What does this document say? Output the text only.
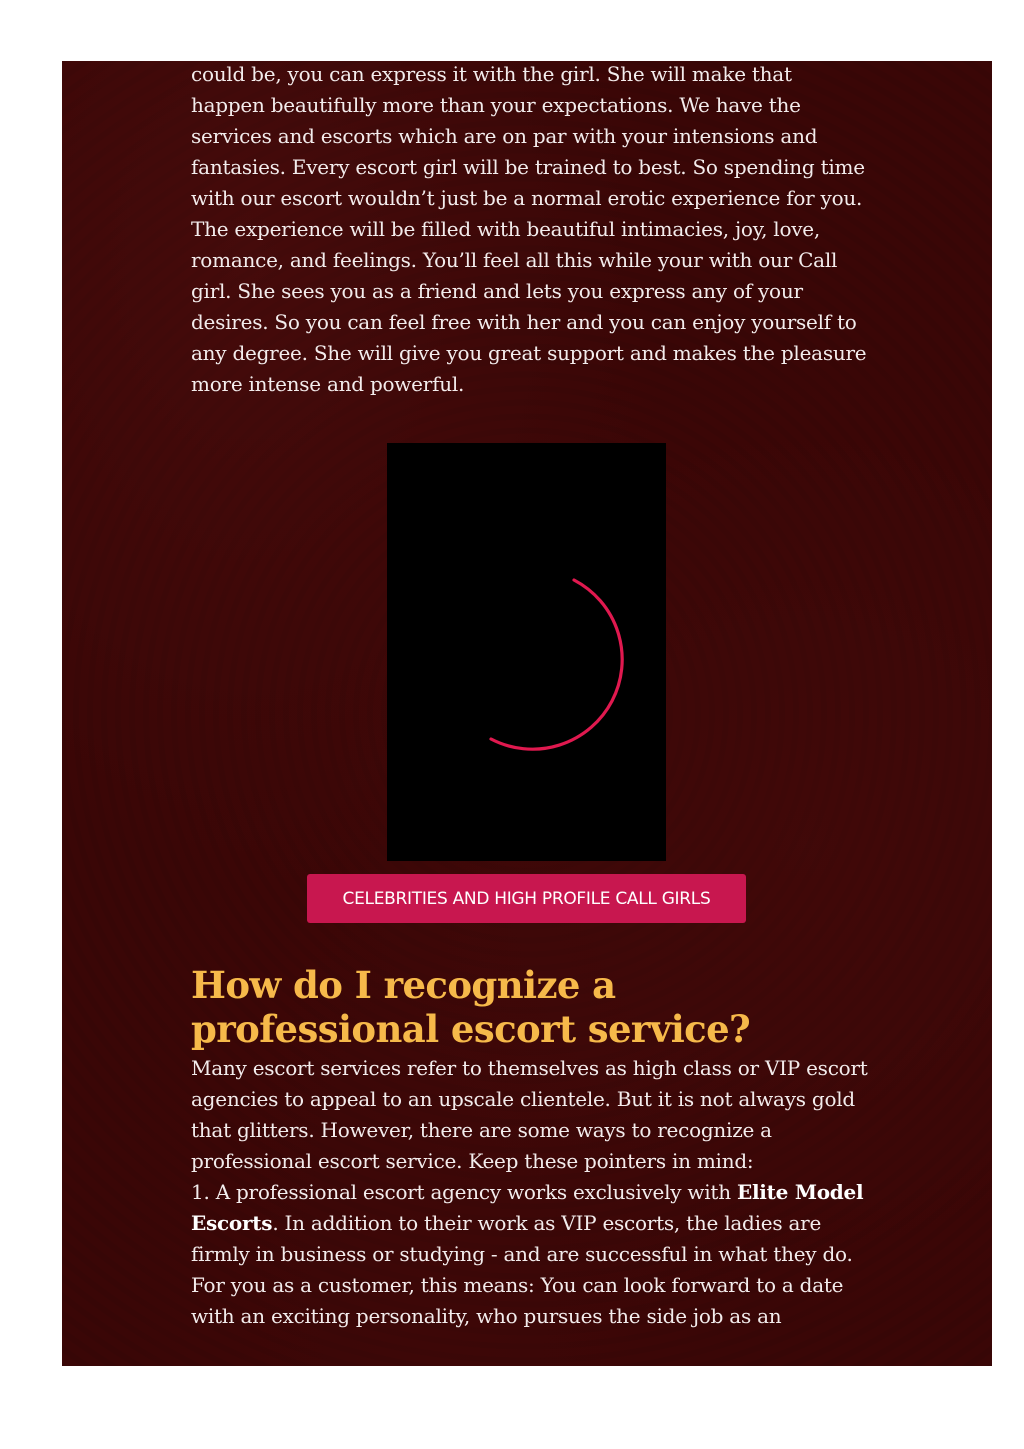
could be, you can express it with the girl. She will make that happen beautifully more than your expectations. We have the services and escorts which are on par with your intensions and fantasies. Every escort girl will be trained to best. So spending time with our escort wouldn’t just be a normal erotic experience for you. The experience will be filled with beautiful intimacies, joy, love, romance, and feelings. You’ll feel all this while your with our Call girl. She sees you as a friend and lets you express any of your desires. So you can feel free with her and you can enjoy yourself to any degree. She will give you great support and makes the pleasure more intense and powerful.

CELEBRITIES AND HIGH PROFILE CALL GIRLS
How do I recognize a professional escort service?

Many escort services refer to themselves as high class or VIP escort agencies to appeal to an upscale clientele. But it is not always gold that glitters. However, there are some ways to recognize a professional escort service. Keep these pointers in mind:
1. A professional escort agency works exclusively with Elite Model Escorts. In addition to their work as VIP escorts, the ladies are firmly in business or studying - and are successful in what they do. For you as a customer, this means: You can look forward to a date with an exciting personality, who pursues the side job as an
